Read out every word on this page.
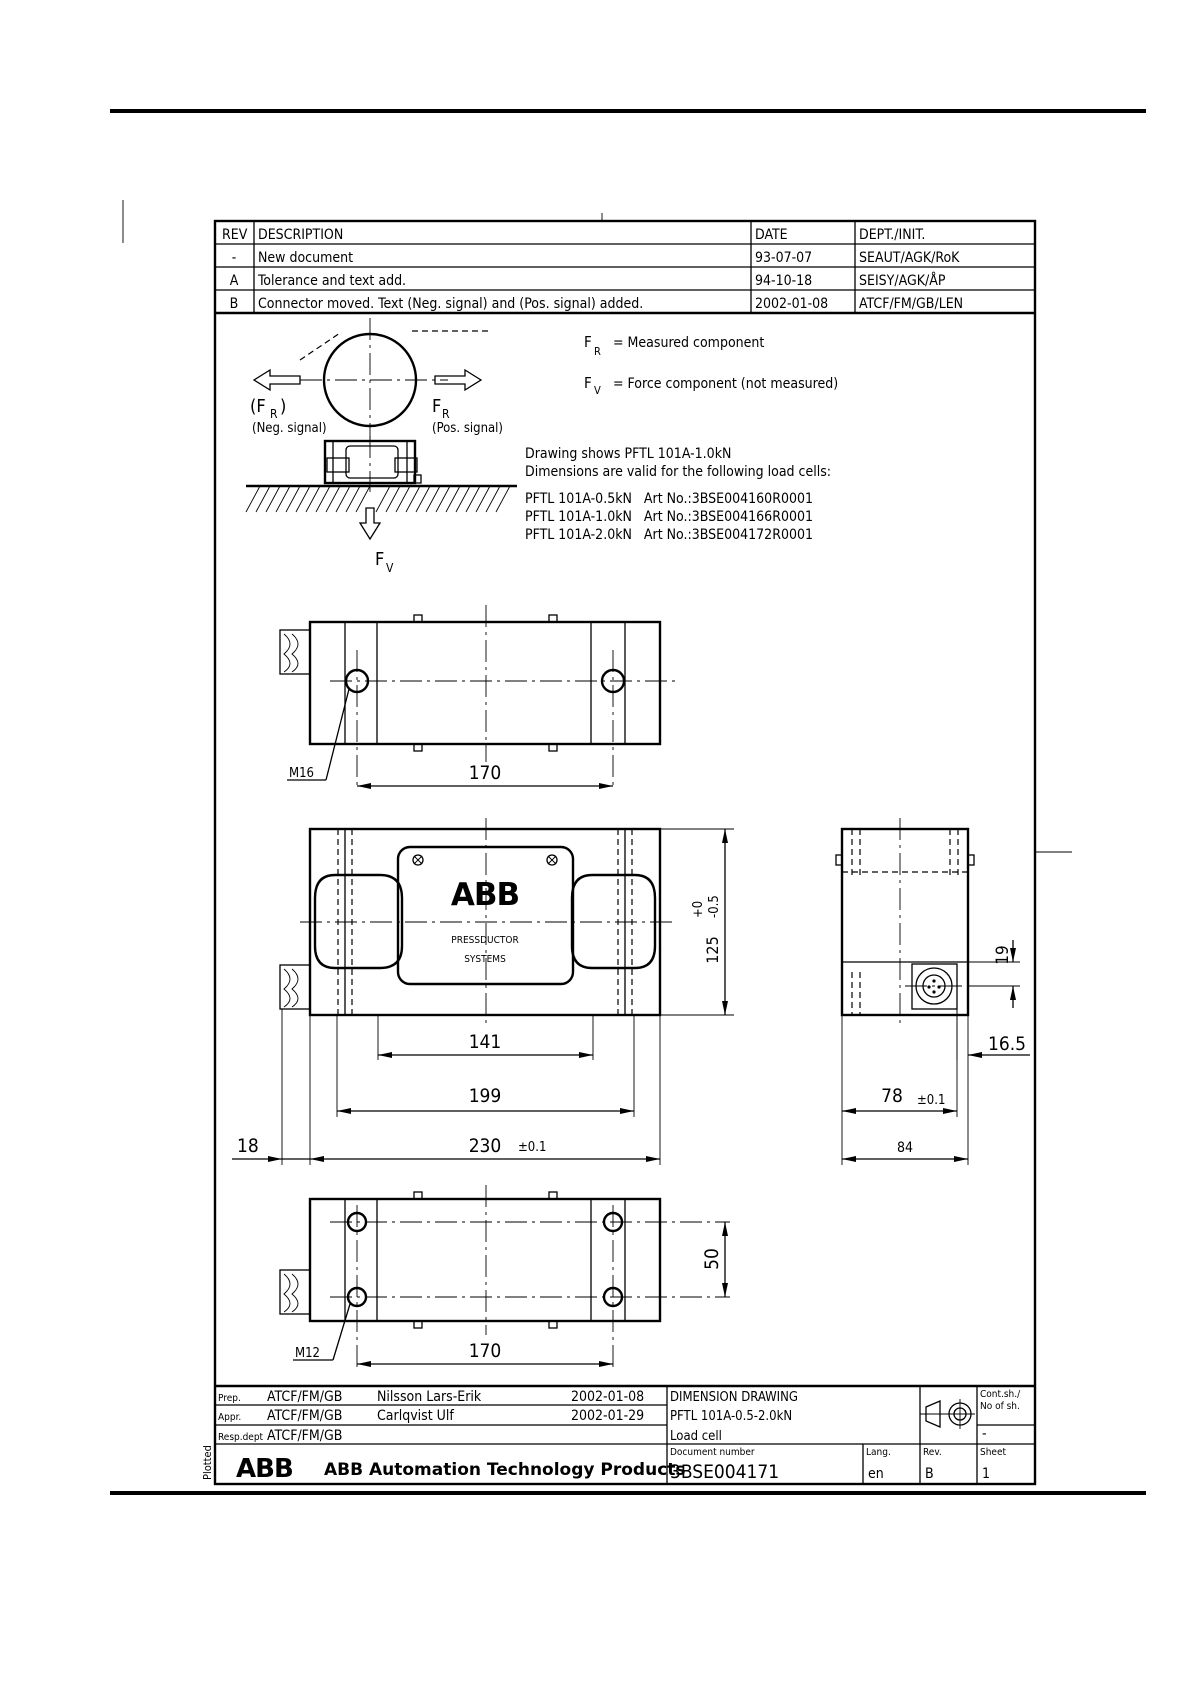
REV DESCRIPTION	DATE	DEPT./INIT.
- New document	93-07-07	SEAUT/AGK/RoK
A Tolerance and text add.	94-10-18	SEISY/AGK/ÅP
B Connector moved. Text (Neg. signal) and (Pos. signal) added.	2002-01-08 ATCF/FM/GB/LEN
(F R )
(Neg. signal)
F R
(Pos. signal)
F V
F
R
= Measured component
F V = Force component (not measured)
Drawing shows PFTL 101A-1.0kN
Dimensions are valid for the following load cells:
PFTL 101A-0.5kN   Art No.:3BSE004160R0001
PFTL 101A-1.0kN   Art No.:3BSE004166R0001
PFTL 101A-2.0kN   Art No.:3BSE004172R0001
170
M16
ABB
PRESSDUCTOR
SYSTEMS	125
+0 -0.5
141
199
230 ±0.1
18
19
16.5
78 ±0.1
84
50
170
M12
Plotted
Prep. ATCF/FM/GB Nilsson Lars-Erik	2002-01-08
Appr. ATCF/FM/GB Carlqvist Ulf	2002-01-29
Resp.dept ATCF/FM/GB
ABB ABB Automation Technology Products
DIMENSION DRAWING
PFTL 101A-0.5-2.0kN
Load cell
Document number
3BSE004171
Lang.
en
Rev.
B
Cont.sh./
No of sh.
-
Sheet
1
